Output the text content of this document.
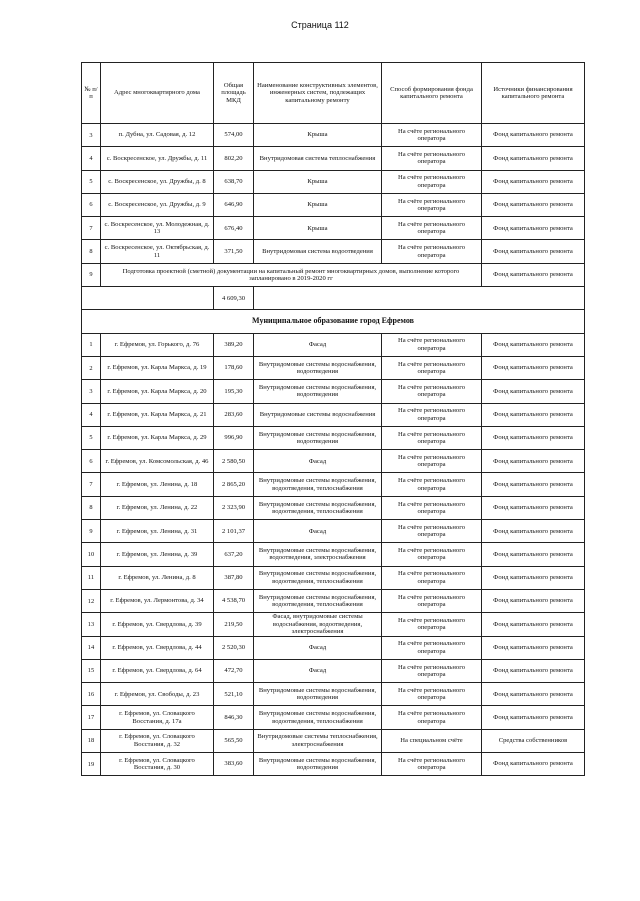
Страница 112
№ п/п	Адрес многоквартирного дома	Общая площадь МКД	Наименование конструктивных элементов, инженерных систем, подлежащих капитальному ремонту	Способ формирования фонда капитального ремонта	Источники финансирования капитального ремонта
3	п. Дубна, ул. Садовая, д. 12	574,00	Крыша	На счёте регионального оператора	Фонд капитального ремонта
4	с. Воскресенское, ул. Дружбы, д. 11	802,20	Внутридомовая система теплоснабжения	На счёте регионального оператора	Фонд капитального ремонта
5	с. Воскресенское, ул. Дружбы, д. 8	638,70	Крыша	На счёте регионального оператора	Фонд капитального ремонта
6	с. Воскресенское, ул. Дружбы, д. 9	646,90	Крыша	На счёте регионального оператора	Фонд капитального ремонта
7	с. Воскресенское, ул. Молодежная, д. 13	676,40	Крыша	На счёте регионального оператора	Фонд капитального ремонта
8	с. Воскресенское, ул. Октябрьская, д. 11	371,50	Внутридомовая система водоотведения	На счёте регионального оператора	Фонд капитального ремонта
9	Подготовка проектной (сметной) документации на капитальный ремонт многоквартирных домов, выполнение которого запланировано в 2019-2020 гг				Фонд капитального ремонта
		4 609,30			
Муниципальное образование город Ефремов					
1	г. Ефремов, ул. Горького, д. 76	389,20	Фасад	На счёте регионального оператора	Фонд капитального ремонта
2	г. Ефремов, ул. Карла Маркса, д. 19	178,60	Внутридомовые системы водоснабжения, водоотведения	На счёте регионального оператора	Фонд капитального ремонта
3	г. Ефремов, ул. Карла Маркса, д. 20	195,30	Внутридомовые системы водоснабжения, водоотведения	На счёте регионального оператора	Фонд капитального ремонта
4	г. Ефремов, ул. Карла Маркса, д. 21	283,60	Внутридомовые системы водоснабжения	На счёте регионального оператора	Фонд капитального ремонта
5	г. Ефремов, ул. Карла Маркса, д. 29	996,90	Внутридомовые системы водоснабжения, водоотведения	На счёте регионального оператора	Фонд капитального ремонта
6	г. Ефремов, ул. Комсомольская, д. 46	2 580,50	Фасад	На счёте регионального оператора	Фонд капитального ремонта
7	г. Ефремов, ул. Ленина, д. 18	2 865,20	Внутридомовые системы водоснабжения, водоотведения, теплоснабжения	На счёте регионального оператора	Фонд капитального ремонта
8	г. Ефремов, ул. Ленина, д. 22	2 323,90	Внутридомовые системы водоснабжения, водоотведения, теплоснабжения	На счёте регионального оператора	Фонд капитального ремонта
9	г. Ефремов, ул. Ленина, д. 31	2 101,37	Фасад	На счёте регионального оператора	Фонд капитального ремонта
10	г. Ефремов, ул. Ленина, д. 39	637,20	Внутридомовые системы водоснабжения, водоотведения, электроснабжения	На счёте регионального оператора	Фонд капитального ремонта
11	г. Ефремов, ул. Ленина, д. 8	387,80	Внутридомовые системы водоснабжения, водоотведения, теплоснабжения	На счёте регионального оператора	Фонд капитального ремонта
12	г. Ефремов, ул. Лермонтова, д. 34	4 538,70	Внутридомовые системы водоснабжения, водоотведения, теплоснабжения	На счёте регионального оператора	Фонд капитального ремонта
13	г. Ефремов, ул. Свердлова, д. 39	219,50	Фасад, внутридомовые системы водоснабжения, водоотведения, электроснабжения	На счёте регионального оператора	Фонд капитального ремонта
14	г. Ефремов, ул. Свердлова, д. 44	2 520,30	Фасад	На счёте регионального оператора	Фонд капитального ремонта
15	г. Ефремов, ул. Свердлова, д. 64	472,70	Фасад	На счёте регионального оператора	Фонд капитального ремонта
16	г. Ефремов, ул. Свободы, д. 23	521,10	Внутридомовые системы водоснабжения, водоотведения	На счёте регионального оператора	Фонд капитального ремонта
17	г. Ефремов, ул. Словацкого Восстания, д. 17а	846,30	Внутридомовые системы водоснабжения, водоотведения, теплоснабжения	На счёте регионального оператора	Фонд капитального ремонта
18	г. Ефремов, ул. Словацкого Восстания, д. 32	565,50	Внутридомовые системы теплоснабжения, электроснабжения	На специальном счёте	Средства собственников
19	г. Ефремов, ул. Словацкого Восстания, д. 30	383,60	Внутридомовые системы водоснабжения, водоотведения	На счёте регионального оператора	Фонд капитального ремонта
